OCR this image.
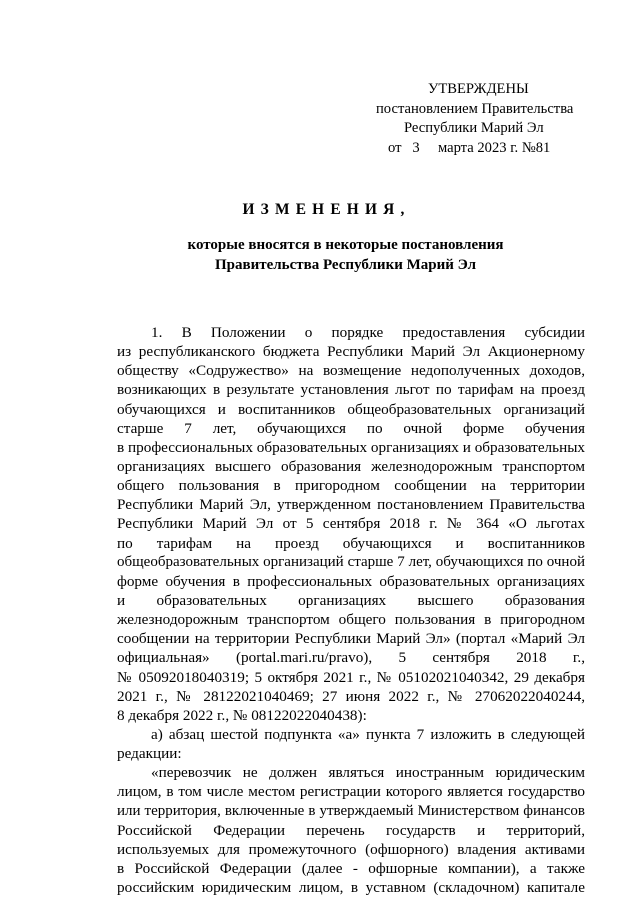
УТВЕРЖДЕНЫ
постановлением Правительства
Республики Марий Эл
от   3     марта 2023 г. №81
ИЗМЕНЕНИЯ,
которые вносятся в некоторые постановления
Правительства Республики Марий Эл
1. В Положении о порядке предоставления субсидии
из республиканского бюджета Республики Марий Эл Акционерному
обществу «Содружество» на возмещение недополученных доходов,
возникающих в результате установления льгот по тарифам на проезд
обучающихся и воспитанников общеобразовательных организаций
старше 7 лет, обучающихся по очной форме обучения
в профессиональных образовательных организациях и образовательных
организациях высшего образования железнодорожным транспортом
общего пользования в пригородном сообщении на территории
Республики Марий Эл, утвержденном постановлением Правительства
Республики Марий Эл от 5 сентября 2018 г. № 364 «О льготах
по тарифам на проезд обучающихся и воспитанников
общеобразовательных организаций старше 7 лет, обучающихся по очной
форме обучения в профессиональных образовательных организациях
и образовательных организациях высшего образования
железнодорожным транспортом общего пользования в пригородном
сообщении на территории Республики Марий Эл» (портал «Марий Эл
официальная» (portal.mari.ru/pravo), 5 сентября 2018 г.,
№ 05092018040319; 5 октября 2021 г., № 05102021040342, 29 декабря
2021 г., № 28122021040469; 27 июня 2022 г., № 27062022040244,
8 декабря 2022 г., № 08122022040438):
а) абзац шестой подпункта «а» пункта 7 изложить в следующей
редакции:
«перевозчик не должен являться иностранным юридическим
лицом, в том числе местом регистрации которого является государство
или территория, включенные в утверждаемый Министерством финансов
Российской Федерации перечень государств и территорий,
используемых для промежуточного (офшорного) владения активами
в Российской Федерации (далее - офшорные компании), а также
российским юридическим лицом, в уставном (складочном) капитале
